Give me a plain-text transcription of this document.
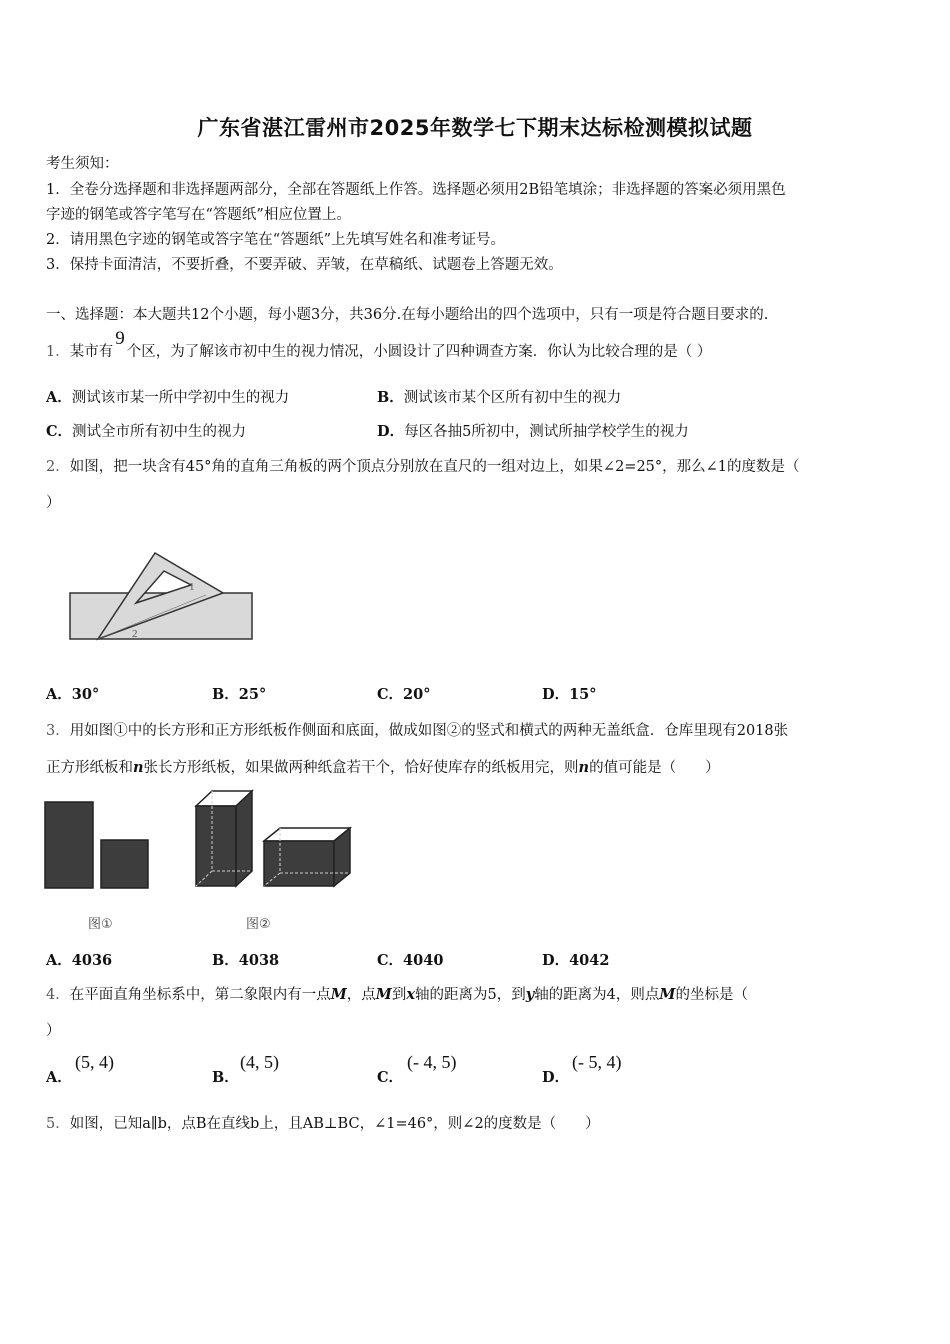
广东省湛江雷州市2025年数学七下期末达标检测模拟试题
考生须知：
1．全卷分选择题和非选择题两部分，全部在答题纸上作答。选择题必须用2B铅笔填涂；非选择题的答案必须用黑色
字迹的钢笔或答字笔写在“答题纸”相应位置上。
2．请用黑色字迹的钢笔或答字笔在“答题纸”上先填写姓名和准考证号。
3．保持卡面清洁，不要折叠，不要弄破、弄皱，在草稿纸、试题卷上答题无效。
一、选择题：本大题共12个小题，每小题3分，共36分.在每小题给出的四个选项中，只有一项是符合题目要求的.
1．某市有9个区，为了解该市初中生的视力情况，小圆设计了四种调查方案．你认为比较合理的是（ ）
A．测试该市某一所中学初中生的视力	B．测试该市某个区所有初中生的视力
C．测试全市所有初中生的视力	D．每区各抽5所初中，测试所抽学校学生的视力
2．如图，把一块含有45°角的直角三角板的两个顶点分别放在直尺的一组对边上，如果∠2=25°，那么∠1的度数是（
）
1
2
A．30°	B．25°	C．20°	D．15°
3．用如图①中的长方形和正方形纸板作侧面和底面，做成如图②的竖式和横式的两种无盖纸盒．仓库里现有2018张
正方形纸板和n张长方形纸板，如果做两种纸盒若干个，恰好使库存的纸板用完，则n的值可能是（　　）
图①	图②
A．4036	B．4038	C．4040	D．4042
4．在平面直角坐标系中，第二象限内有一点M，点M到x轴的距离为5，到y轴的距离为4，则点M的坐标是（
）
A．
(5, 4)
B．
(4, 5)
C．
(- 4, 5)
D．
(- 5, 4)
5．如图，已知a∥b，点B在直线b上，且AB⊥BC，∠1=46°，则∠2的度数是（　　）
